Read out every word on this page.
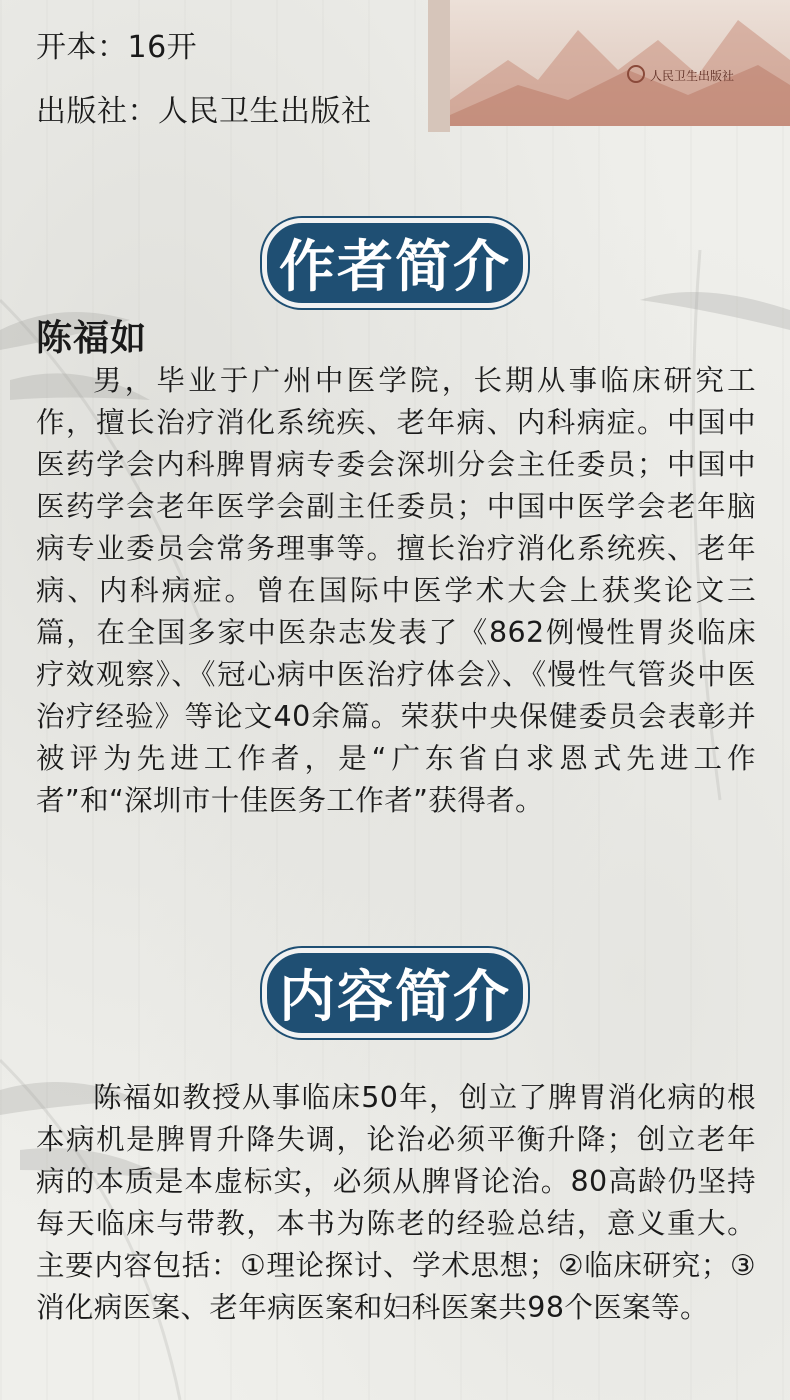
开本：16开
出版社：人民卫生出版社
人民卫生出版社
作者简介
陈福如
男，毕业于广州中医学院，长期从事临床研究工作，擅长治疗消化系统疾、老年病、内科病症。中国中医药学会内科脾胃病专委会深圳分会主任委员；中国中医药学会老年医学会副主任委员；中国中医学会老年脑病专业委员会常务理事等。擅长治疗消化系统疾、老年病、内科病症。曾在国际中医学术大会上获奖论文三篇，在全国多家中医杂志发表了《862例慢性胃炎临床疗效观察》、《冠心病中医治疗体会》、《慢性气管炎中医治疗经验》等论文40余篇。荣获中央保健委员会表彰并被评为先进工作者，是“广东省白求恩式先进工作者”和“深圳市十佳医务工作者”获得者。
内容简介
陈福如教授从事临床50年，创立了脾胃消化病的根本病机是脾胃升降失调，论治必须平衡升降；创立老年病的本质是本虚标实，必须从脾肾论治。80高龄仍坚持每天临床与带教，本书为陈老的经验总结，意义重大。主要内容包括：①理论探讨、学术思想；②临床研究；③消化病医案、老年病医案和妇科医案共98个医案等。
